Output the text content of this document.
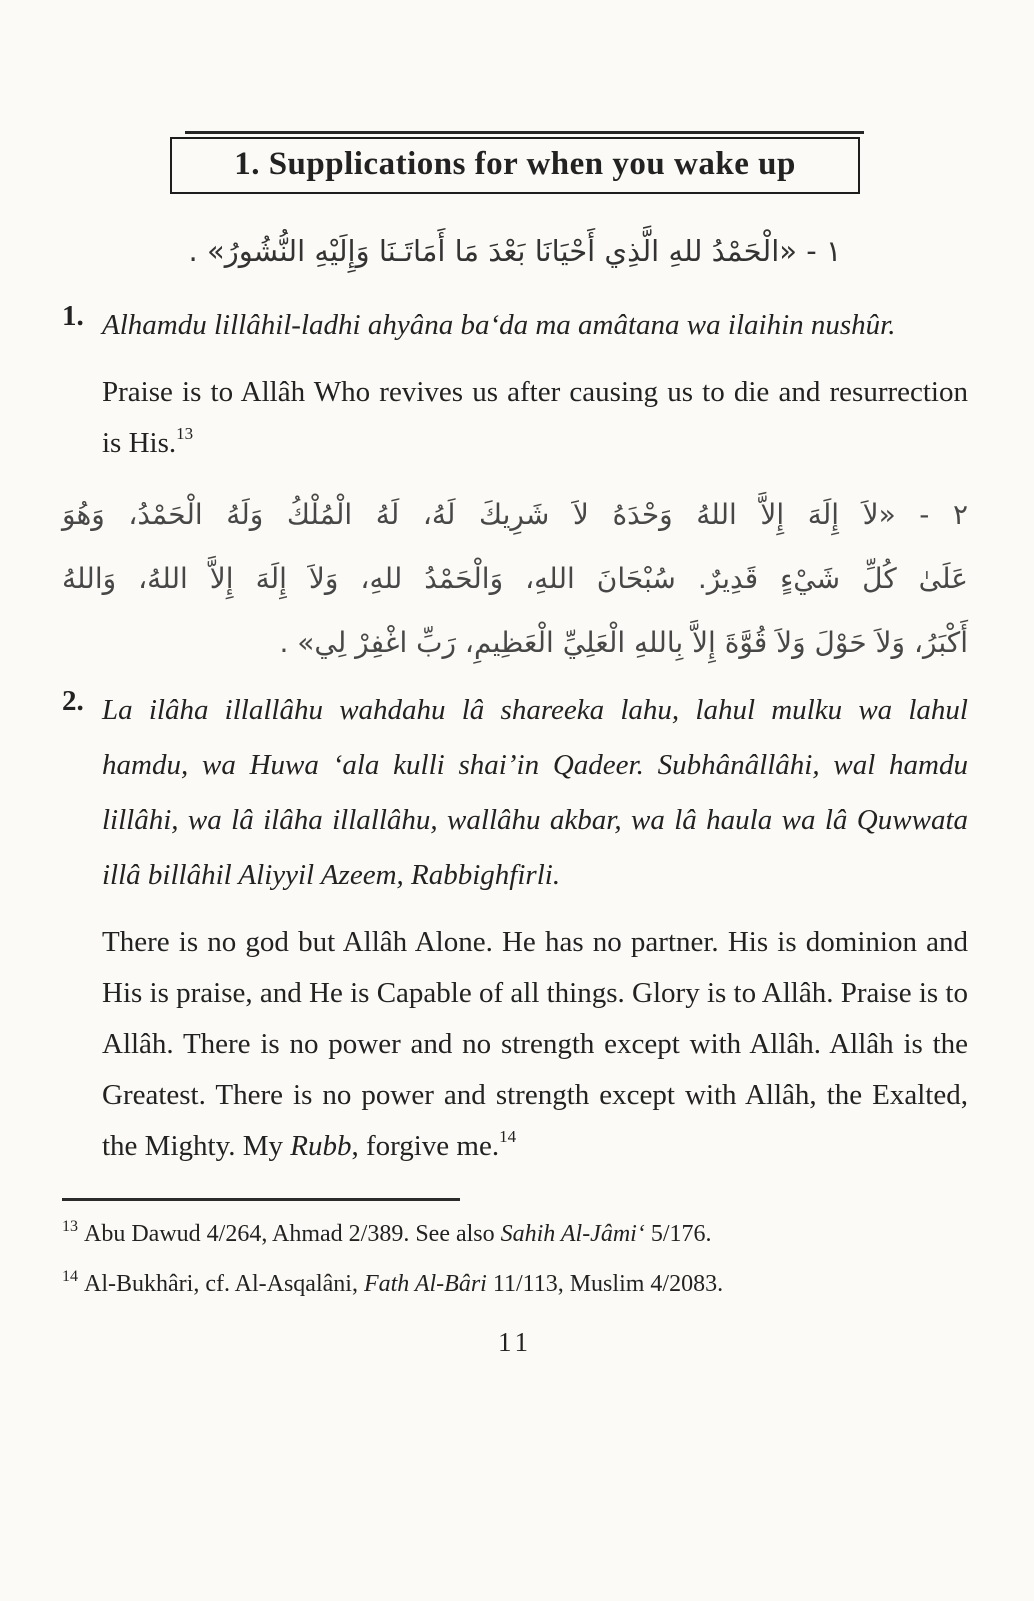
1. Supplications for when you wake up
١ - «الْحَمْدُ للهِ الَّذِي أَحْيَانَا بَعْدَ مَا أَمَاتَـنَا وَإِلَيْهِ النُّشُورُ» .
1. Alhamdu lillâhil-ladhi ahyâna ba‘da ma amâtana wa ilaihin nushûr.

Praise is to Allâh Who revives us after causing us to die and resurrection is His.$^{13}$

٢ - «لاَ إِلَهَ إِلاَّ اللهُ وَحْدَهُ لاَ شَرِيكَ لَهُ، لَهُ الْمُلْكُ وَلَهُ الْحَمْدُ، وَهُوَ
عَلَىٰ كُلِّ شَيْءٍ قَدِيرٌ. سُبْحَانَ اللهِ، وَالْحَمْدُ للهِ، وَلاَ إِلَهَ إِلاَّ اللهُ، وَاللهُ
أَكْبَرُ، وَلاَ حَوْلَ وَلاَ قُوَّةَ إِلاَّ بِاللهِ الْعَلِيِّ الْعَظِيمِ، رَبِّ اغْفِرْ لِي» .
2. La ilâha illallâhu wahdahu lâ shareeka lahu, lahul mulku wa lahul hamdu, wa Huwa ‘ala kulli shai’in Qadeer. Subhânâllâhi, wal hamdu lillâhi, wa lâ ilâha illallâhu, wallâhu akbar, wa lâ haula wa lâ Quwwata illâ billâhil Aliyyil Azeem, Rabbighfirli.

There is no god but Allâh Alone. He has no partner. His is dominion and His is praise, and He is Capable of all things. Glory is to Allâh. Praise is to Allâh. There is no power and no strength except with Allâh. Allâh is the Greatest. There is no power and strength except with Allâh, the Exalted, the Mighty. My Rubb, forgive me.$^{14}$

$^{13}$ Abu Dawud 4/264, Ahmad 2/389. See also Sahih Al-Jâmi‘ 5/176.
$^{14}$ Al-Bukhâri, cf. Al-Asqalâni, Fath Al-Bâri 11/113, Muslim 4/2083.
11
